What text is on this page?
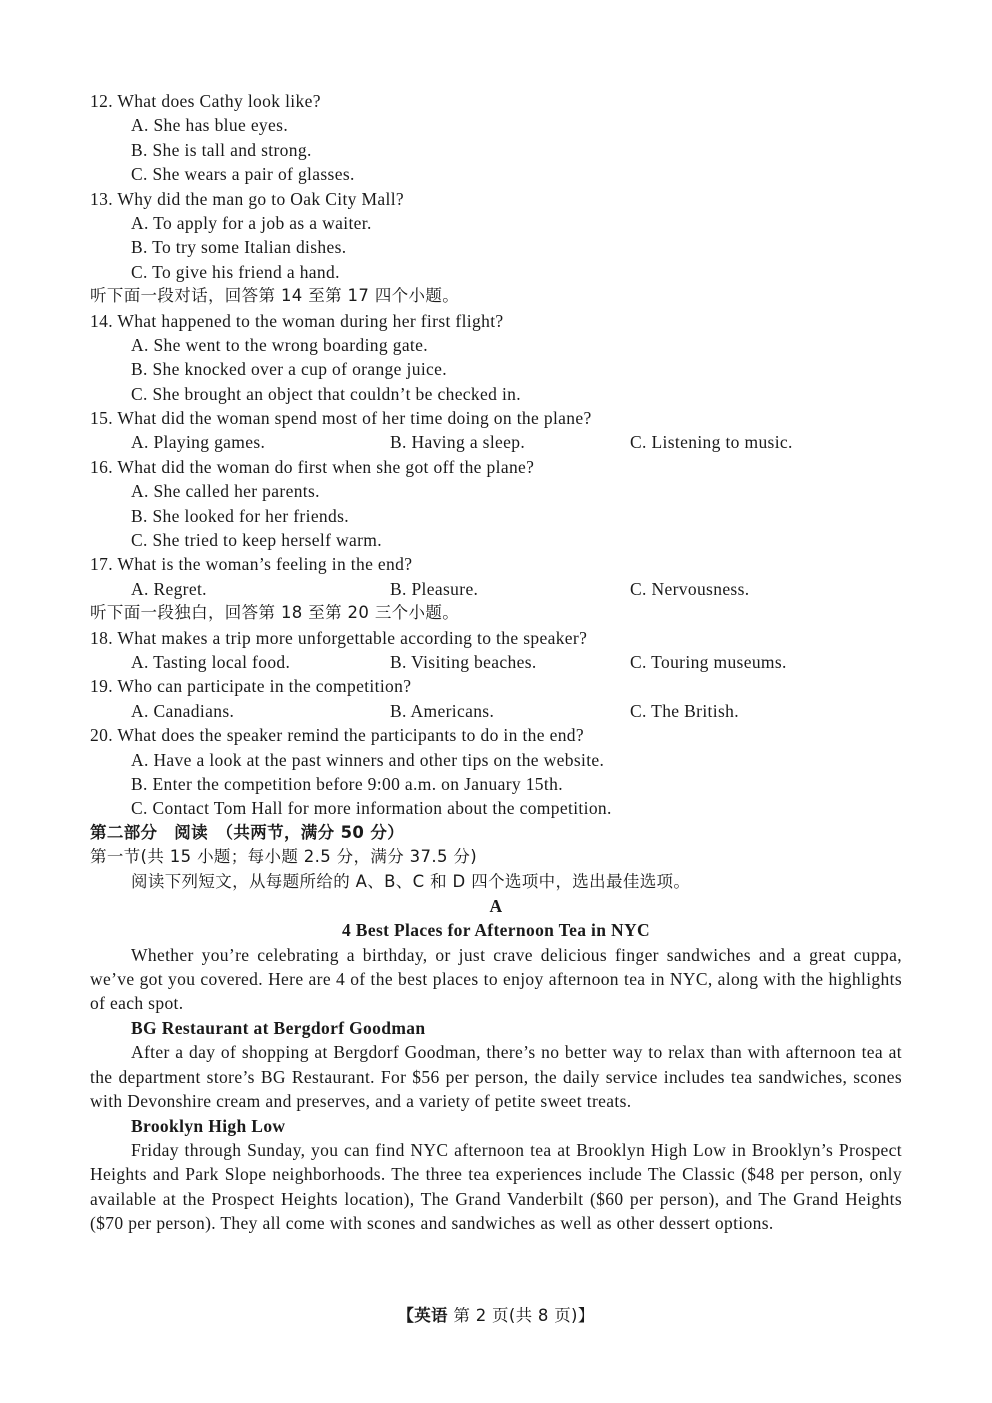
12. What does Cathy look like?
A. She has blue eyes.
B. She is tall and strong.
C. She wears a pair of glasses.
13. Why did the man go to Oak City Mall?
A. To apply for a job as a waiter.
B. To try some Italian dishes.
C. To give his friend a hand.
听下面一段对话，回答第 14 至第 17 四个小题。
14. What happened to the woman during her first flight?
A. She went to the wrong boarding gate.
B. She knocked over a cup of orange juice.
C. She brought an object that couldn’t be checked in.
15. What did the woman spend most of her time doing on the plane?
A. Playing games.	B. Having a sleep.	C. Listening to music.
16. What did the woman do first when she got off the plane?
A. She called her parents.
B. She looked for her friends.
C. She tried to keep herself warm.
17. What is the woman’s feeling in the end?
A. Regret.	B. Pleasure.	C. Nervousness.
听下面一段独白，回答第 18 至第 20 三个小题。
18. What makes a trip more unforgettable according to the speaker?
A. Tasting local food.	B. Visiting beaches.	C. Touring museums.
19. Who can participate in the competition?
A. Canadians.	B. Americans.	C. The British.
20. What does the speaker remind the participants to do in the end?
A. Have a look at the past winners and other tips on the website.
B. Enter the competition before 9:00 a.m. on January 15th.
C. Contact Tom Hall for more information about the competition.
第二部分　阅读　（共两节，满分 50 分）
第一节(共 15 小题；每小题 2.5 分，满分 37.5 分)
阅读下列短文，从每题所给的 A、B、C 和 D 四个选项中，选出最佳选项。
A
4 Best Places for Afternoon Tea in NYC
Whether you’re celebrating a birthday, or just crave delicious finger sandwiches and a great cuppa, we’ve got you covered. Here are 4 of the best places to enjoy afternoon tea in NYC, along with the highlights of each spot.
BG Restaurant at Bergdorf Goodman
After a day of shopping at Bergdorf Goodman, there’s no better way to relax than with afternoon tea at the department store’s BG Restaurant. For $56 per person, the daily service includes tea sandwiches, scones with Devonshire cream and preserves, and a variety of petite sweet treats.
Brooklyn High Low
Friday through Sunday, you can find NYC afternoon tea at Brooklyn High Low in Brooklyn’s Prospect Heights and Park Slope neighborhoods. The three tea experiences include The Classic ($48 per person, only available at the Prospect Heights location), The Grand Vanderbilt ($60 per person), and The Grand Heights ($70 per person). They all come with scones and sandwiches as well as other dessert options.
【英语 第 2 页(共 8 页)】
